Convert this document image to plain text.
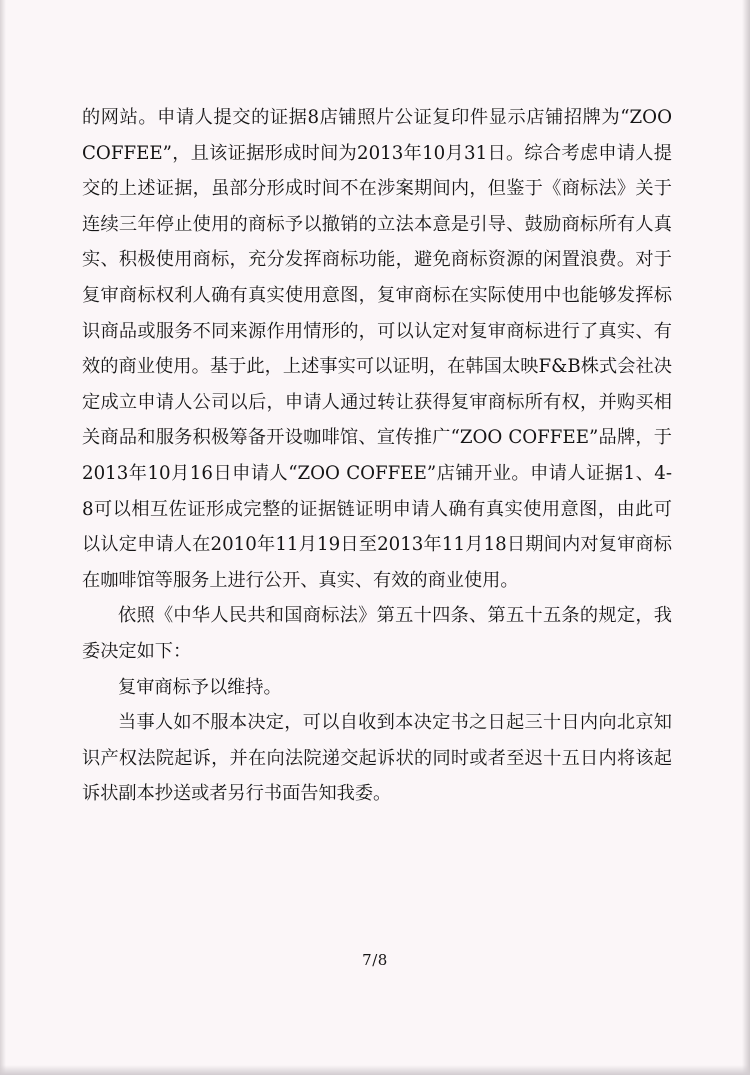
的网站。申请人提交的证据8店铺照片公证复印件显示店铺招牌为“ZOO COFFEE”，且该证据形成时间为2013年10月31日。综合考虑申请人提交的上述证据，虽部分形成时间不在涉案期间内，但鉴于《商标法》关于连续三年停止使用的商标予以撤销的立法本意是引导、鼓励商标所有人真实、积极使用商标，充分发挥商标功能，避免商标资源的闲置浪费。对于复审商标权利人确有真实使用意图，复审商标在实际使用中也能够发挥标识商品或服务不同来源作用情形的，可以认定对复审商标进行了真实、有效的商业使用。基于此，上述事实可以证明，在韩国太映F&B株式会社决定成立申请人公司以后，申请人通过转让获得复审商标所有权，并购买相关商品和服务积极筹备开设咖啡馆、宣传推广“ZOO COFFEE”品牌，于2013年10月16日申请人“ZOO COFFEE”店铺开业。申请人证据1、4-8可以相互佐证形成完整的证据链证明申请人确有真实使用意图，由此可以认定申请人在2010年11月19日至2013年11月18日期间内对复审商标在咖啡馆等服务上进行公开、真实、有效的商业使用。

依照《中华人民共和国商标法》第五十四条、第五十五条的规定，我委决定如下：

复审商标予以维持。

当事人如不服本决定，可以自收到本决定书之日起三十日内向北京知识产权法院起诉，并在向法院递交起诉状的同时或者至迟十五日内将该起诉状副本抄送或者另行书面告知我委。

7/8
